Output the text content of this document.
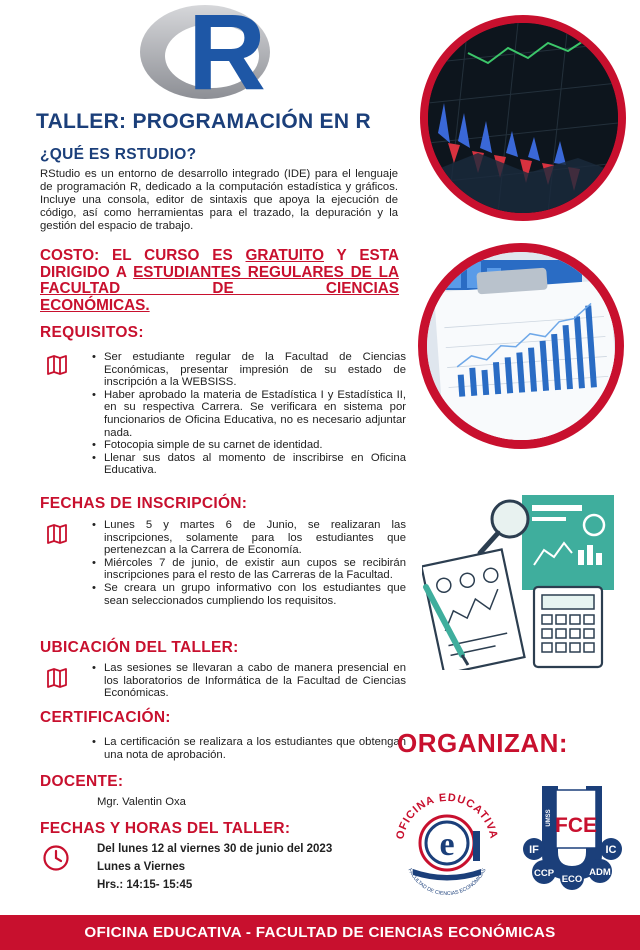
R
TALLER: PROGRAMACIÓN EN R
¿QUÉ ES RSTUDIO?
RStudio es un entorno de desarrollo integrado (IDE) para el lenguaje de programación R, dedicado a la computación estadística y gráficos. Incluye una consola, editor de sintaxis que apoya la ejecución de código, así como herramientas para el trazado, la depuración y la gestión del espacio de trabajo.
COSTO: EL CURSO ES GRATUITO Y ESTA DIRIGIDO A ESTUDIANTES REGULARES DE LA FACULTAD DE CIENCIAS
ECONÓMICAS.
REQUISITOS:
• Ser estudiante regular de la Facultad de Ciencias Económicas, presentar impresión de su estado de inscripción a la WEBSISS.
• Haber aprobado la materia de Estadística I y Estadística II, en su respectiva Carrera. Se verificara en sistema por funcionarios de Oficina Educativa, no es necesario adjuntar nada.
• Fotocopia simple de su carnet de identidad.
• Llenar sus datos al momento de inscribirse en Oficina Educativa.
FECHAS DE INSCRIPCIÓN:
• Lunes 5 y martes 6 de Junio, se realizaran las inscripciones, solamente para los estudiantes que pertenezcan a la Carrera de Economía.
• Miércoles 7 de junio, de existir aun cupos se recibirán inscripciones para el resto de las Carreras de la Facultad.
• Se creara un grupo informativo con los estudiantes que sean seleccionados cumpliendo los requisitos.
UBICACIÓN DEL TALLER:
• Las sesiones se llevaran a cabo de manera presencial en los laboratorios de Informática de la Facultad de Ciencias Económicas.
CERTIFICACIÓN:
• La certificación se realizara a los estudiantes que obtengan una nota de aprobación.
DOCENTE:
Mgr. Valentin Oxa
FECHAS Y HORAS DEL TALLER:
Del lunes 12 al viernes 30 de junio del 2023
Lunes a Viernes
Hrs.: 14:15- 15:45
ORGANIZAN:
OFICINA EDUCATIVA
e	UMSS
FACULTAD DE CIENCIAS ECONÓMICAS
FCE
UMSS
IF	IC
CCP
ECO
ADM
OFICINA EDUCATIVA - FACULTAD DE CIENCIAS ECONÓMICAS
